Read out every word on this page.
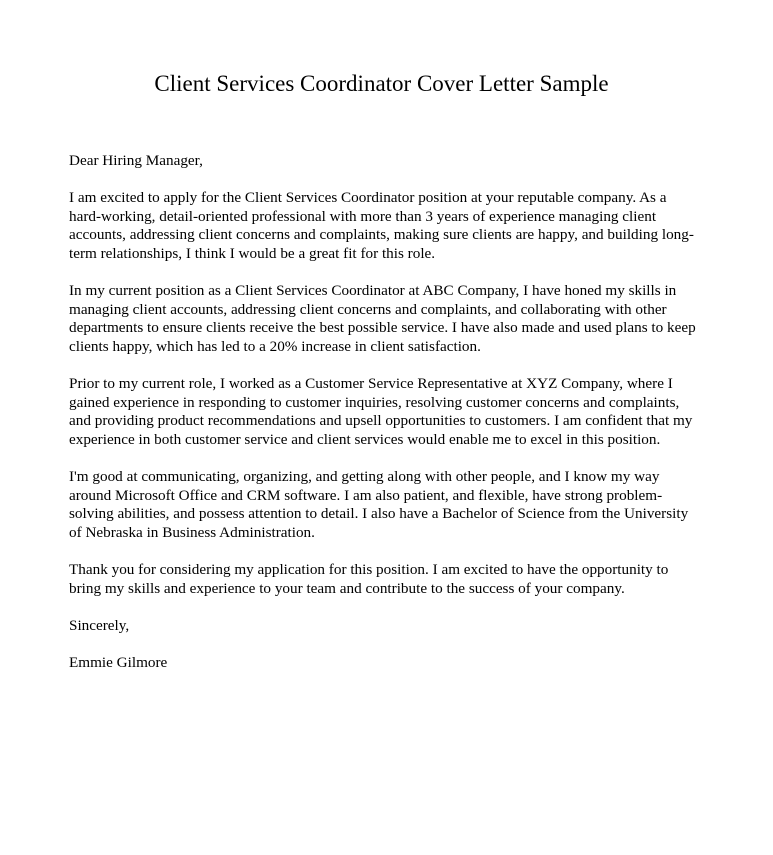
Client Services Coordinator Cover Letter Sample

Dear Hiring Manager,

I am excited to apply for the Client Services Coordinator position at your reputable company. As a hard-working, detail-oriented professional with more than 3 years of experience managing client accounts, addressing client concerns and complaints, making sure clients are happy, and building long-term relationships, I think I would be a great fit for this role.

In my current position as a Client Services Coordinator at ABC Company, I have honed my skills in managing client accounts, addressing client concerns and complaints, and collaborating with other departments to ensure clients receive the best possible service. I have also made and used plans to keep clients happy, which has led to a 20% increase in client satisfaction.

Prior to my current role, I worked as a Customer Service Representative at XYZ Company, where I gained experience in responding to customer inquiries, resolving customer concerns and complaints, and providing product recommendations and upsell opportunities to customers. I am confident that my experience in both customer service and client services would enable me to excel in this position.

I'm good at communicating, organizing, and getting along with other people, and I know my way around Microsoft Office and CRM software. I am also patient, and flexible, have strong problem-solving abilities, and possess attention to detail. I also have a Bachelor of Science from the University of Nebraska in Business Administration.

Thank you for considering my application for this position. I am excited to have the opportunity to bring my skills and experience to your team and contribute to the success of your company.

Sincerely,

Emmie Gilmore
